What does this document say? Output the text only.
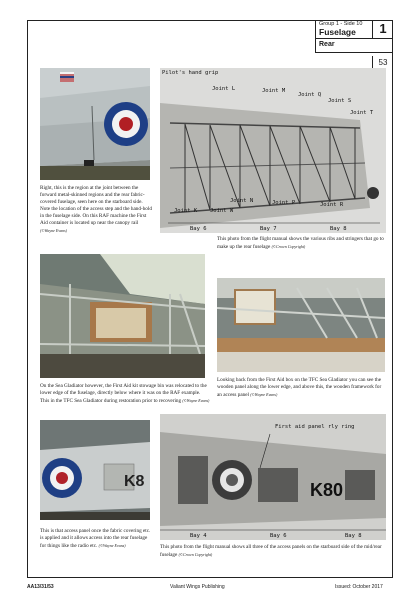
Group 1 - Side 10
Fuselage	1
Rear
53
Right, this is the region at the joint between the forward metal-skinned regions and the rear fabric-covered fuselage, seen here on the starboard side. Note the location of the access step and the hand-hold in the fuselage side. On this RAF machine the First Aid container is located up near the canopy rail (©Wayne Evans)
Pilot's hand grip
Joint L	Joint M
Joint Q
Joint S
Joint T
Joint N	Joint P	Joint R
Joint K Joint W
Bay 6	Bay 7	Bay 8
This photo from the flight manual shows the various ribs and stringers that go to make up the rear fuselage (©Crown Copyright)
On the Sea Gladiator however, the First Aid kit stowage bin was relocated to the lower edge of the fuselage, directly below where it was on the RAF example. This in the TFC Sea Gladiator during restoration prior to recovering (©Wayne Evans)
Looking back from the First Aid box on the TFC Sea Gladiator you can see the wooden panel along the lower edge, and above this, the wooden framework for an access panel (©Wayne Evans)
K8
This is that access panel once the fabric covering etc. is applied and it allows access into the rear fuselage for things like the radio etc. (©Wayne Evans)
K80
First aid panel rly ring
Bay 4	Bay 6	Bay 8
This photo from the flight manual shows all three of the access panels on the starboard side of the mid/rear fuselage (©Crown Copyright)
AA13/31/53	Valiant Wings Publishing	Issued: October 2017
